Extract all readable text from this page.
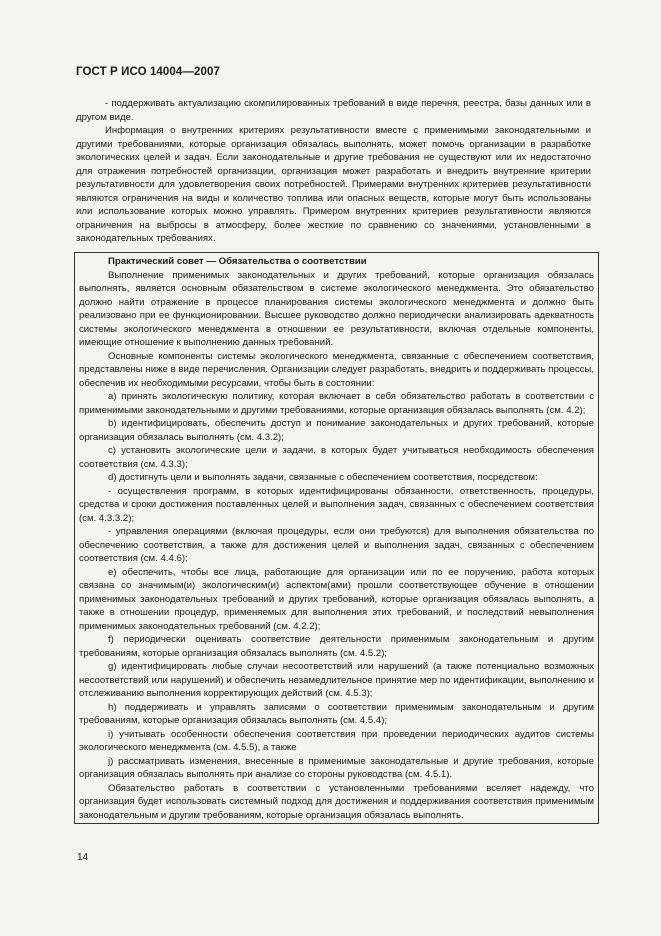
ГОСТ Р ИСО 14004—2007

- поддерживать актуализацию скомпилированных требований в виде перечня, реестра, базы данных или в другом виде.

Информация о внутренних критериях результативности вместе с применимыми законодательными и другими требованиями, которые организация обязалась выполнять, может помочь организации в разработке экологических целей и задач. Если законодательные и другие требования не существуют или их недостаточно для отражения потребностей организации, организация может разработать и внедрить внутренние критерии результативности для удовлетворения своих потребностей. Примерами внутренних критериев результативности являются ограничения на виды и количество топлива или опасных веществ, которые могут быть использованы или использование которых можно управлять. Примером внутренних критериев результативности являются ограничения на выбросы в атмосферу, более жесткие по сравнению со значениями, установленными в законодательных требованиях.

Практический совет — Обязательства о соответствии

Выполнение применимых законодательных и других требований, которые организация обязалась выполнять, является основным обязательством в системе экологического менеджмента. Это обязательство должно найти отражение в процессе планирования системы экологического менеджмента и должно быть реализовано при ее функционировании. Высшее руководство должно периодически анализировать адекватность системы экологического менеджмента в отношении ее результативности, включая отдельные компоненты, имеющие отношение к выполнению данных требований.

Основные компоненты системы экологического менеджмента, связанные с обеспечением соответствия, представлены ниже в виде перечисления. Организации следует разработать, внедрить и поддерживать процессы, обеспечив их необходимыми ресурсами, чтобы быть в состоянии:

a) принять экологическую политику, которая включает в себя обязательство работать в соответствии с применимыми законодательными и другими требованиями, которые организация обязалась выполнять (см. 4.2);

b) идентифицировать, обеспечить доступ и понимание законодательных и других требований, которые организация обязалась выполнять (см. 4.3.2);

c) установить экологические цели и задачи, в которых будет учитываться необходимость обеспечения соответствия (см. 4.3.3);

d) достигнуть цели и выполнять задачи, связанные с обеспечением соответствия, посредством:

- осуществления программ, в которых идентифицированы обязанности, ответственность, процедуры, средства и сроки достижения поставленных целей и выполнения задач, связанных с обеспечением соответствия (см. 4.3.3.2);

- управления операциями (включая процедуры, если они требуются) для выполнения обязательства по обеспечению соответствия, а также для достижения целей и выполнения задач, связанных с обеспечением соответствия (см. 4.4.6);

e) обеспечить, чтобы все лица, работающие для организации или по ее поручению, работа которых связана со значимым(и) экологическим(и) аспектом(ами) прошли соответствующее обучение в отношении применимых законодательных требований и других требований, которые организация обязалась выполнять, а также в отношении процедур, применяемых для выполнения этих требований, и последствий невыполнения применимых законодательных требований (см. 4.2.2);

f) периодически оценивать соответствие деятельности применимым законодательным и другим требованиям, которые организация обязалась выполнять (см. 4.5.2);

g) идентифицировать любые случаи несоответствий или нарушений (а также потенциально возможных несоответствий или нарушений) и обеспечить незамедлительное принятие мер по идентификации, выполнению и отслеживанию выполнения корректирующих действий (см. 4.5.3);

h) поддерживать и управлять записями о соответствии применимым законодательным и другим требованиям, которые организация обязалась выполнять (см. 4.5.4);

i) учитывать особенности обеспечения соответствия при проведении периодических аудитов системы экологического менеджмента (см. 4.5.5), а также

j) рассматривать изменения, внесенные в применимые законодательные и другие требования, которые организация обязалась выполнять при анализе со стороны руководства (см. 4.5.1).

Обязательство работать в соответствии с установленными требованиями вселяет надежду, что организация будет использовать системный подход для достижения и поддерживания соответствия применимым законодательным и другим требованиям, которые организация обязалась выполнять.

14
